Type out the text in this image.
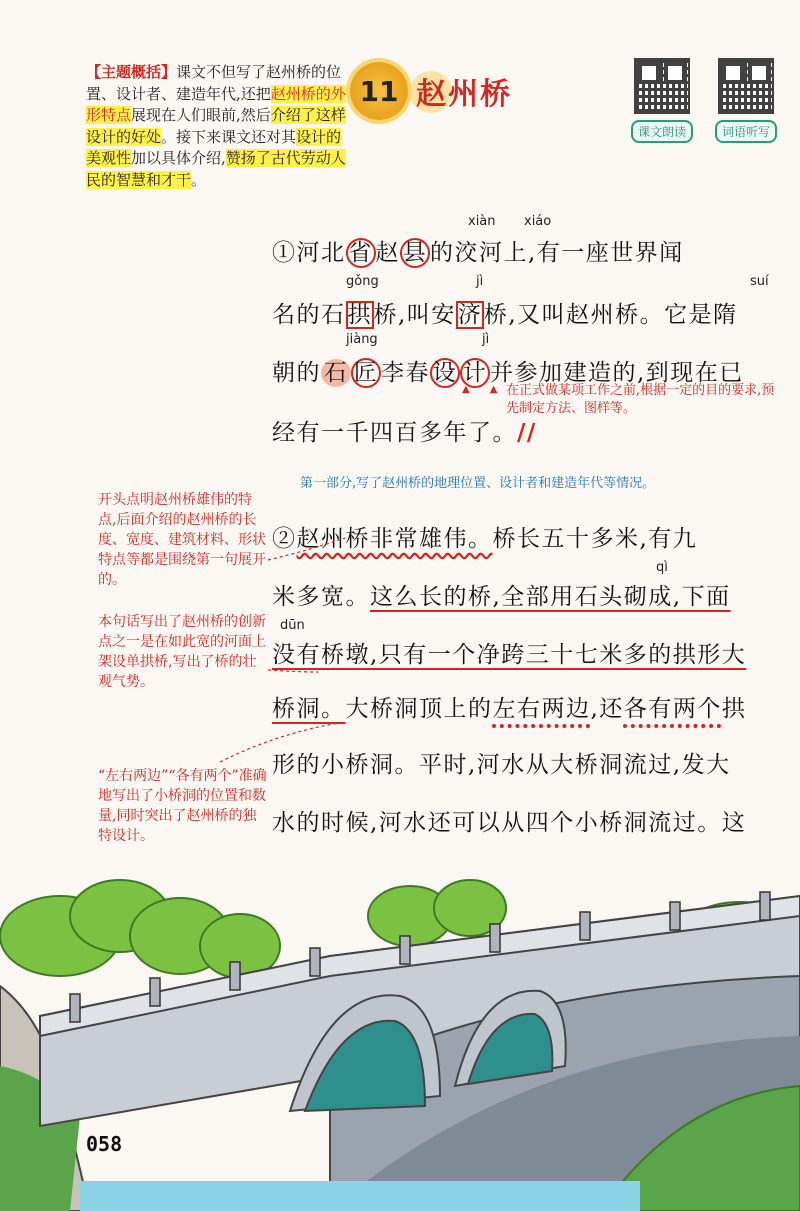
【主题概括】课文不但写了赵州桥的位置、设计者、建造年代,还把赵州桥的外形特点展现在人们眼前,然后介绍了这样设计的好处。接下来课文还对其设计的美观性加以具体介绍,赞扬了古代劳动人民的智慧和才干。
11 赵州桥
课文朗读	词语听写
xiàn xiáo
①河北 省 赵 县 的洨河上,有一座世界闻
gǒng	jì	suí
名的石拱桥,叫安济桥,又叫赵州桥。它是隋
jiàng	jì
朝的 石 匠 李春 设 计 并参加建造的,到现在已
经有一千四百多年了。//
▲▲
在正式做某项工作之前,根据一定的目的要求,预先制定方法、图样等。
第一部分,写了赵州桥的地理位置、设计者和建造年代等情况。
②赵州桥非常雄伟。桥长五十多米,有九
qì
米多宽。这么长的桥,全部用石头砌成,下面
dūn
没有桥墩,只有一个净跨三十七米多的拱形大
桥洞。大桥洞顶上的左右两边,还各有两个拱
形的小桥洞。平时,河水从大桥洞流过,发大
水的时候,河水还可以从四个小桥洞流过。这
开头点明赵州桥雄伟的特点,后面介绍的赵州桥的长度、宽度、建筑材料、形状特点等都是围绕第一句展开的。
本句话写出了赵州桥的创新点之一是在如此宽的河面上架设单拱桥,写出了桥的壮观气势。
“左右两边”“各有两个”准确地写出了小桥洞的位置和数量,同时突出了赵州桥的独特设计。
058
